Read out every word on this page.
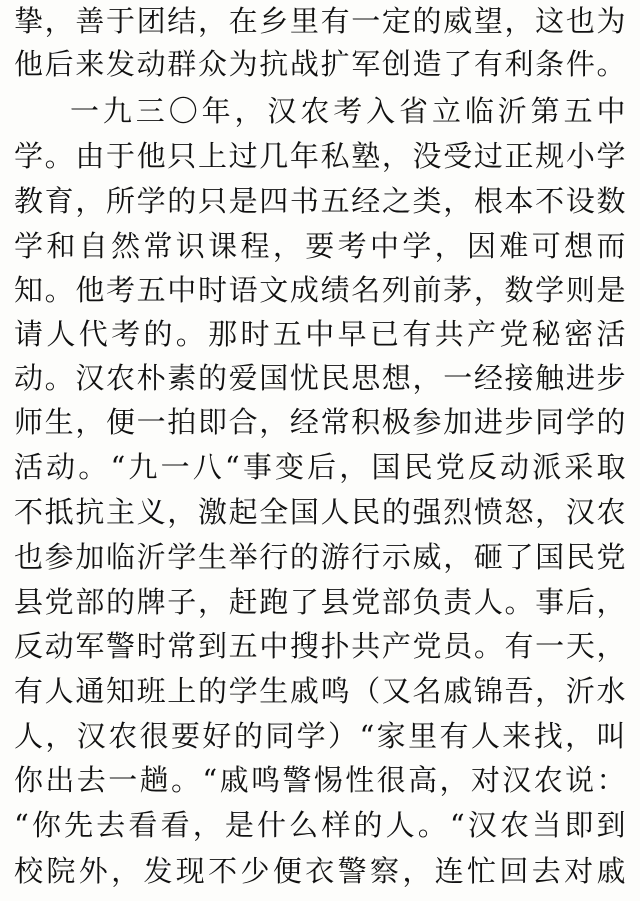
挚，善于团结，在乡里有一定的威望，这也为
他后来发动群众为抗战扩军创造了有利条件。
一九三〇年，汉农考入省立临沂第五中
学。由于他只上过几年私塾，没受过正规小学
教育，所学的只是四书五经之类，根本不设数
学和自然常识课程，要考中学，因难可想而
知。他考五中时语文成绩名列前茅，数学则是
请人代考的。那时五中早已有共产党秘密活
动。汉农朴素的爱国忧民思想，一经接触进步
师生，便一拍即合，经常积极参加进步同学的
活动。“九一八“事变后，国民党反动派采取
不抵抗主义，激起全国人民的强烈愤怒，汉农
也参加临沂学生举行的游行示威，砸了国民党
县党部的牌子，赶跑了县党部负责人。事后，
反动军警时常到五中搜扑共产党员。有一天，
有人通知班上的学生戚鸣（又名戚锦吾，沂水
人，汉农很要好的同学）“家里有人来找，叫
你出去一趟。“戚鸣警惕性很高，对汉农说：
“你先去看看，是什么样的人。“汉农当即到
校院外，发现不少便衣警察，连忙回去对戚
